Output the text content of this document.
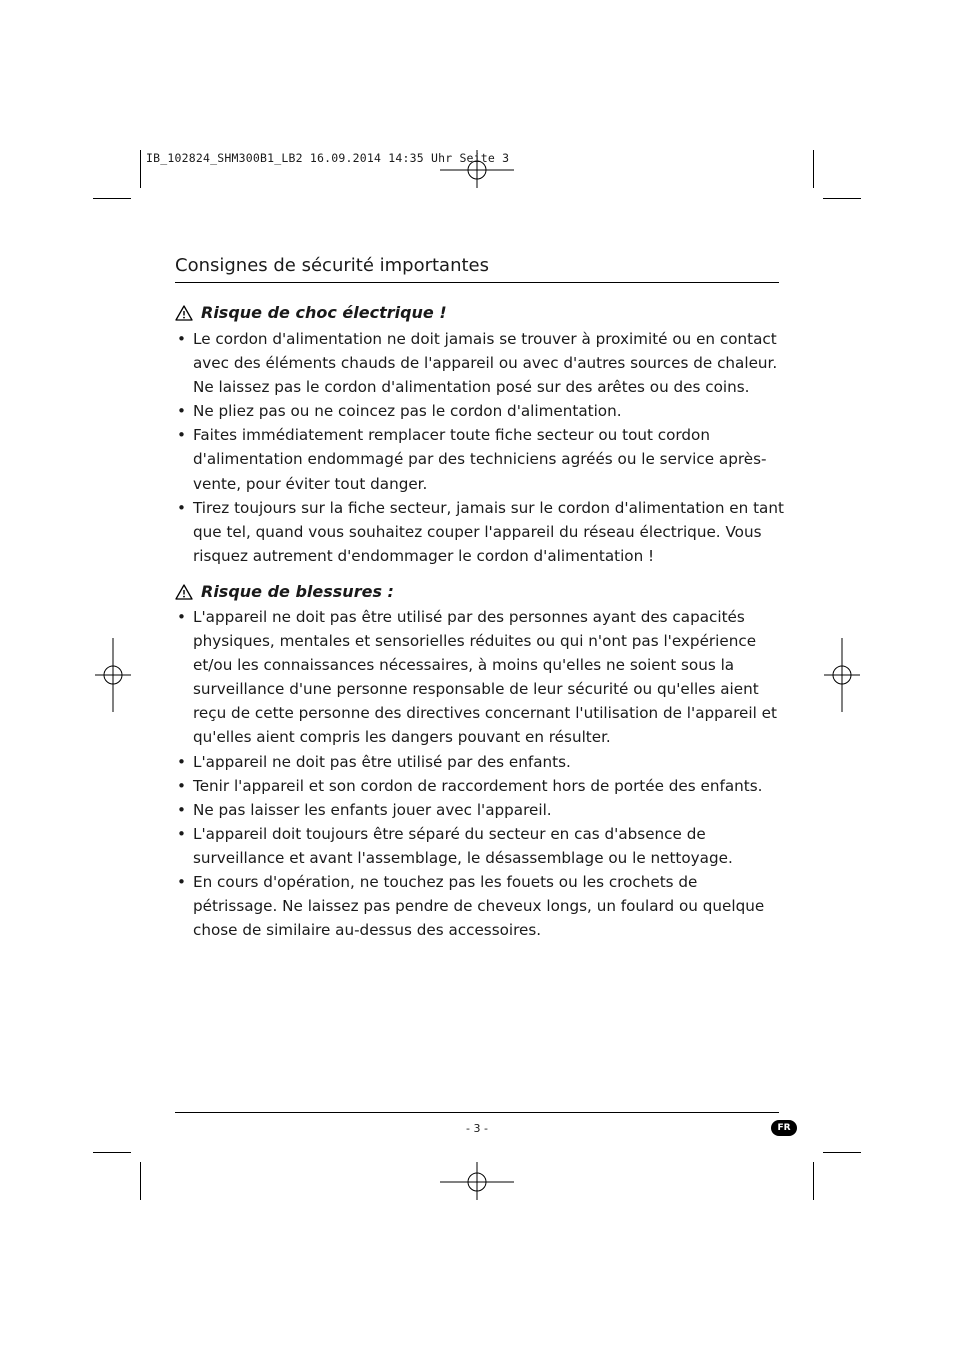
IB_102824_SHM300B1_LB2 16.09.2014 14:35 Uhr Seite 3
Consignes de sécurité importantes
Risque de choc électrique !
• Le cordon d'alimentation ne doit jamais se trouver à proximité ou en contact avec des éléments chauds de l'appareil ou avec d'autres sources de chaleur. Ne laissez pas le cordon d'alimentation posé sur des arêtes ou des coins.
• Ne pliez pas ou ne coincez pas le cordon d'alimentation.
• Faites immédiatement remplacer toute fiche secteur ou tout cordon d'alimentation endommagé par des techniciens agréés ou le service après-vente, pour éviter tout danger.
• Tirez toujours sur la fiche secteur, jamais sur le cordon d'alimentation en tant que tel, quand vous souhaitez couper l'appareil du réseau électrique. Vous risquez autrement d'endommager le cordon d'alimentation !
Risque de blessures :
• L'appareil ne doit pas être utilisé par des personnes ayant des capacités physiques, mentales et sensorielles réduites ou qui n'ont pas l'expérience et/ou les connaissances nécessaires, à moins qu'elles ne soient sous la surveillance d'une personne responsable de leur sécurité ou qu'elles aient reçu de cette personne des directives concernant l'utilisation de l'appareil et qu'elles aient compris les dangers pouvant en résulter.
• L'appareil ne doit pas être utilisé par des enfants.
• Tenir l'appareil et son cordon de raccordement hors de portée des enfants.
• Ne pas laisser les enfants jouer avec l'appareil.
• L'appareil doit toujours être séparé du secteur en cas d'absence de surveillance et avant l'assemblage, le désassemblage ou le nettoyage.
• En cours d'opération, ne touchez pas les fouets ou les crochets de pétrissage. Ne laissez pas pendre de cheveux longs, un foulard ou quelque chose de similaire au-dessus des accessoires.
- 3 -	FR
